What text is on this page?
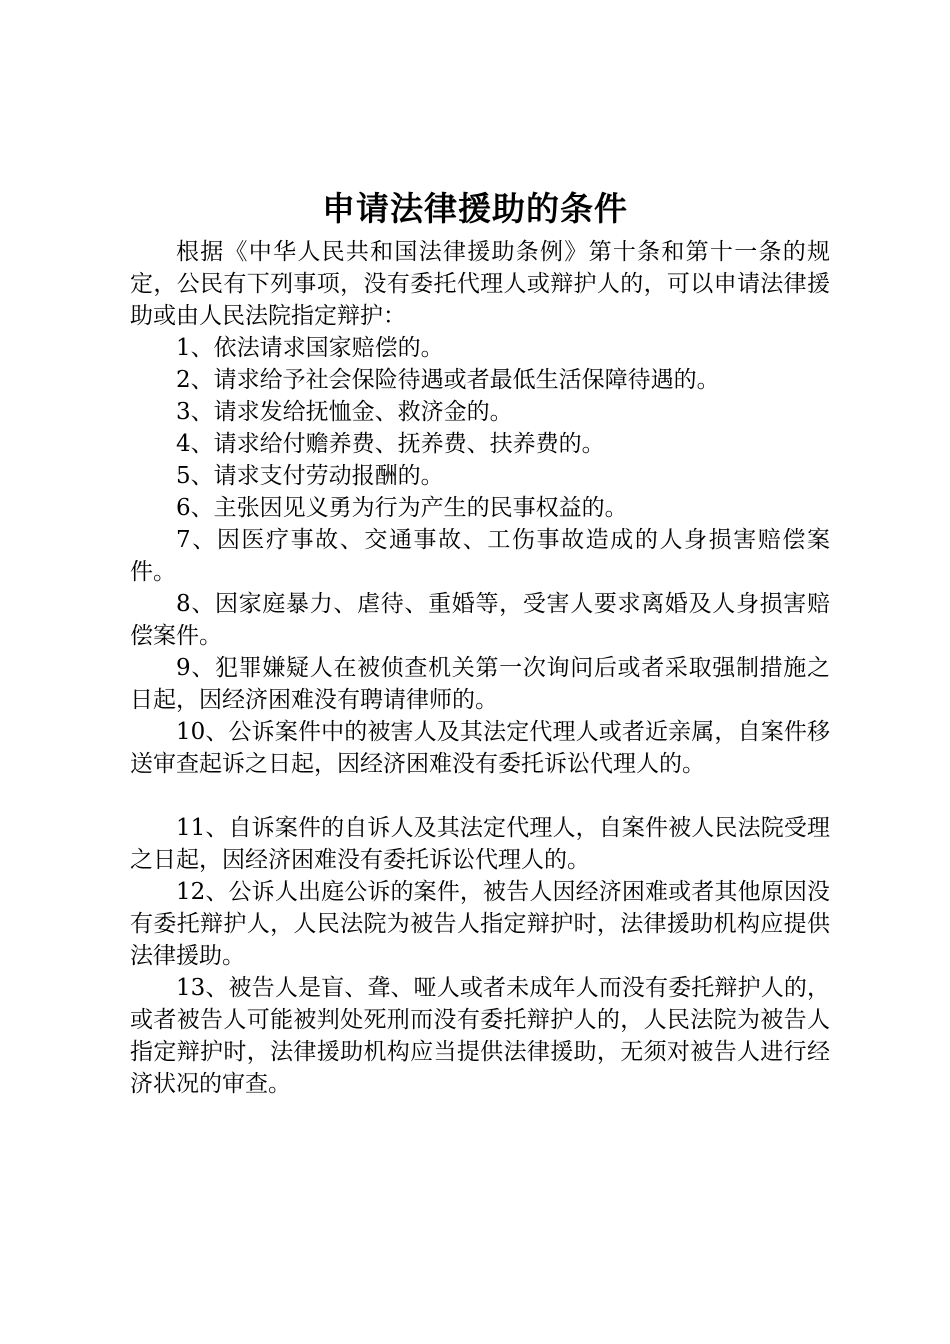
申请法律援助的条件

根据《中华人民共和国法律援助条例》第十条和第十一条的规定，公民有下列事项，没有委托代理人或辩护人的，可以申请法律援助或由人民法院指定辩护：

1、依法请求国家赔偿的。

2、请求给予社会保险待遇或者最低生活保障待遇的。

3、请求发给抚恤金、救济金的。

4、请求给付赡养费、抚养费、扶养费的。

5、请求支付劳动报酬的。

6、主张因见义勇为行为产生的民事权益的。

7、因医疗事故、交通事故、工伤事故造成的人身损害赔偿案件。

8、因家庭暴力、虐待、重婚等，受害人要求离婚及人身损害赔偿案件。

9、犯罪嫌疑人在被侦查机关第一次询问后或者采取强制措施之日起，因经济困难没有聘请律师的。

10、公诉案件中的被害人及其法定代理人或者近亲属，自案件移送审查起诉之日起，因经济困难没有委托诉讼代理人的。

11、自诉案件的自诉人及其法定代理人，自案件被人民法院受理之日起，因经济困难没有委托诉讼代理人的。

12、公诉人出庭公诉的案件，被告人因经济困难或者其他原因没有委托辩护人，人民法院为被告人指定辩护时，法律援助机构应提供法律援助。

13、被告人是盲、聋、哑人或者未成年人而没有委托辩护人的，或者被告人可能被判处死刑而没有委托辩护人的，人民法院为被告人指定辩护时，法律援助机构应当提供法律援助，无须对被告人进行经济状况的审查。
